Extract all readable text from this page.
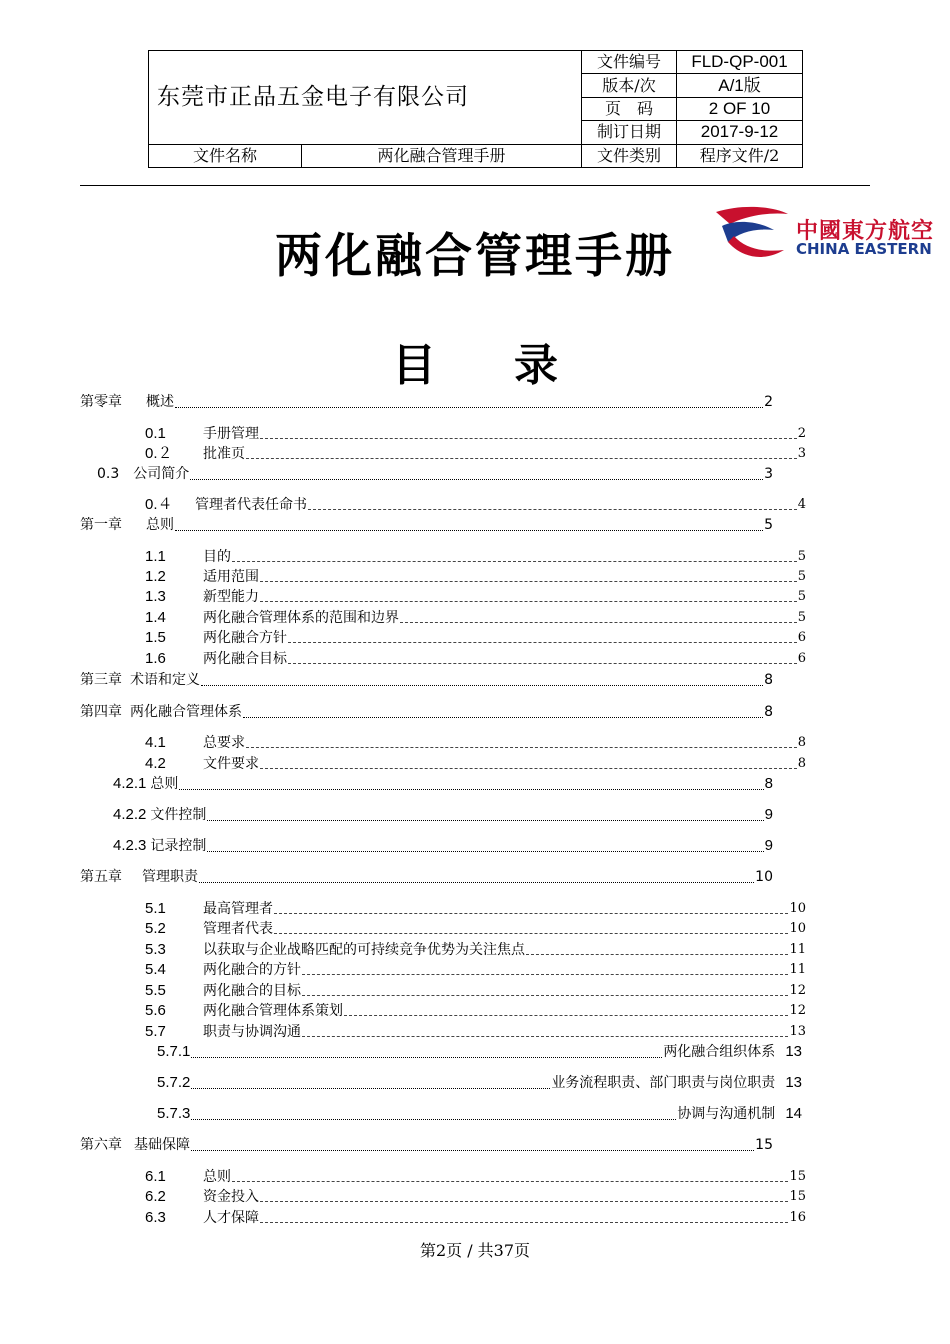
东莞市正品五金电子有限公司		文件编号	FLD-QP-001
		版本/次	A/1版
		页　码	2 OF 10
		制订日期	2017-9-12
文件名称	两化融合管理手册	文件类别	程序文件/2
两化融合管理手册	中國東方航空
CHINA EASTERN
目 录
第零章 概述	2
0.1	手册管理	2
0.２	批准页	3
0.3 公司简介	3
0.４	管理者代表任命书	4
第一章 总则	5
1.1	目的	5
1.2	适用范围	5
1.3	新型能力	5
1.4	两化融合管理体系的范围和边界	5
1.5	两化融合方针	6
1.6	两化融合目标	6
第三章 术语和定义	8
第四章 两化融合管理体系	8
4.1	总要求	8
4.2	文件要求	8
4.2.1 总则	8
4.2.2 文件控制	9
4.2.3 记录控制	9
第五章 管理职责	10
5.1	最高管理者	10
5.2	管理者代表	10
5.3	以获取与企业战略匹配的可持续竞争优势为关注焦点	11
5.4	两化融合的方针	11
5.5	两化融合的目标	12
5.6	两化融合管理体系策划	12
5.7	职责与协调沟通	13
5.7.1	两化融合组织体系 13
5.7.2	业务流程职责、部门职责与岗位职责 13
5.7.3	协调与沟通机制 14
第六章 基础保障	15
6.1	总则	15
6.2	资金投入	15
6.3	人才保障	16
第2页 / 共37页
